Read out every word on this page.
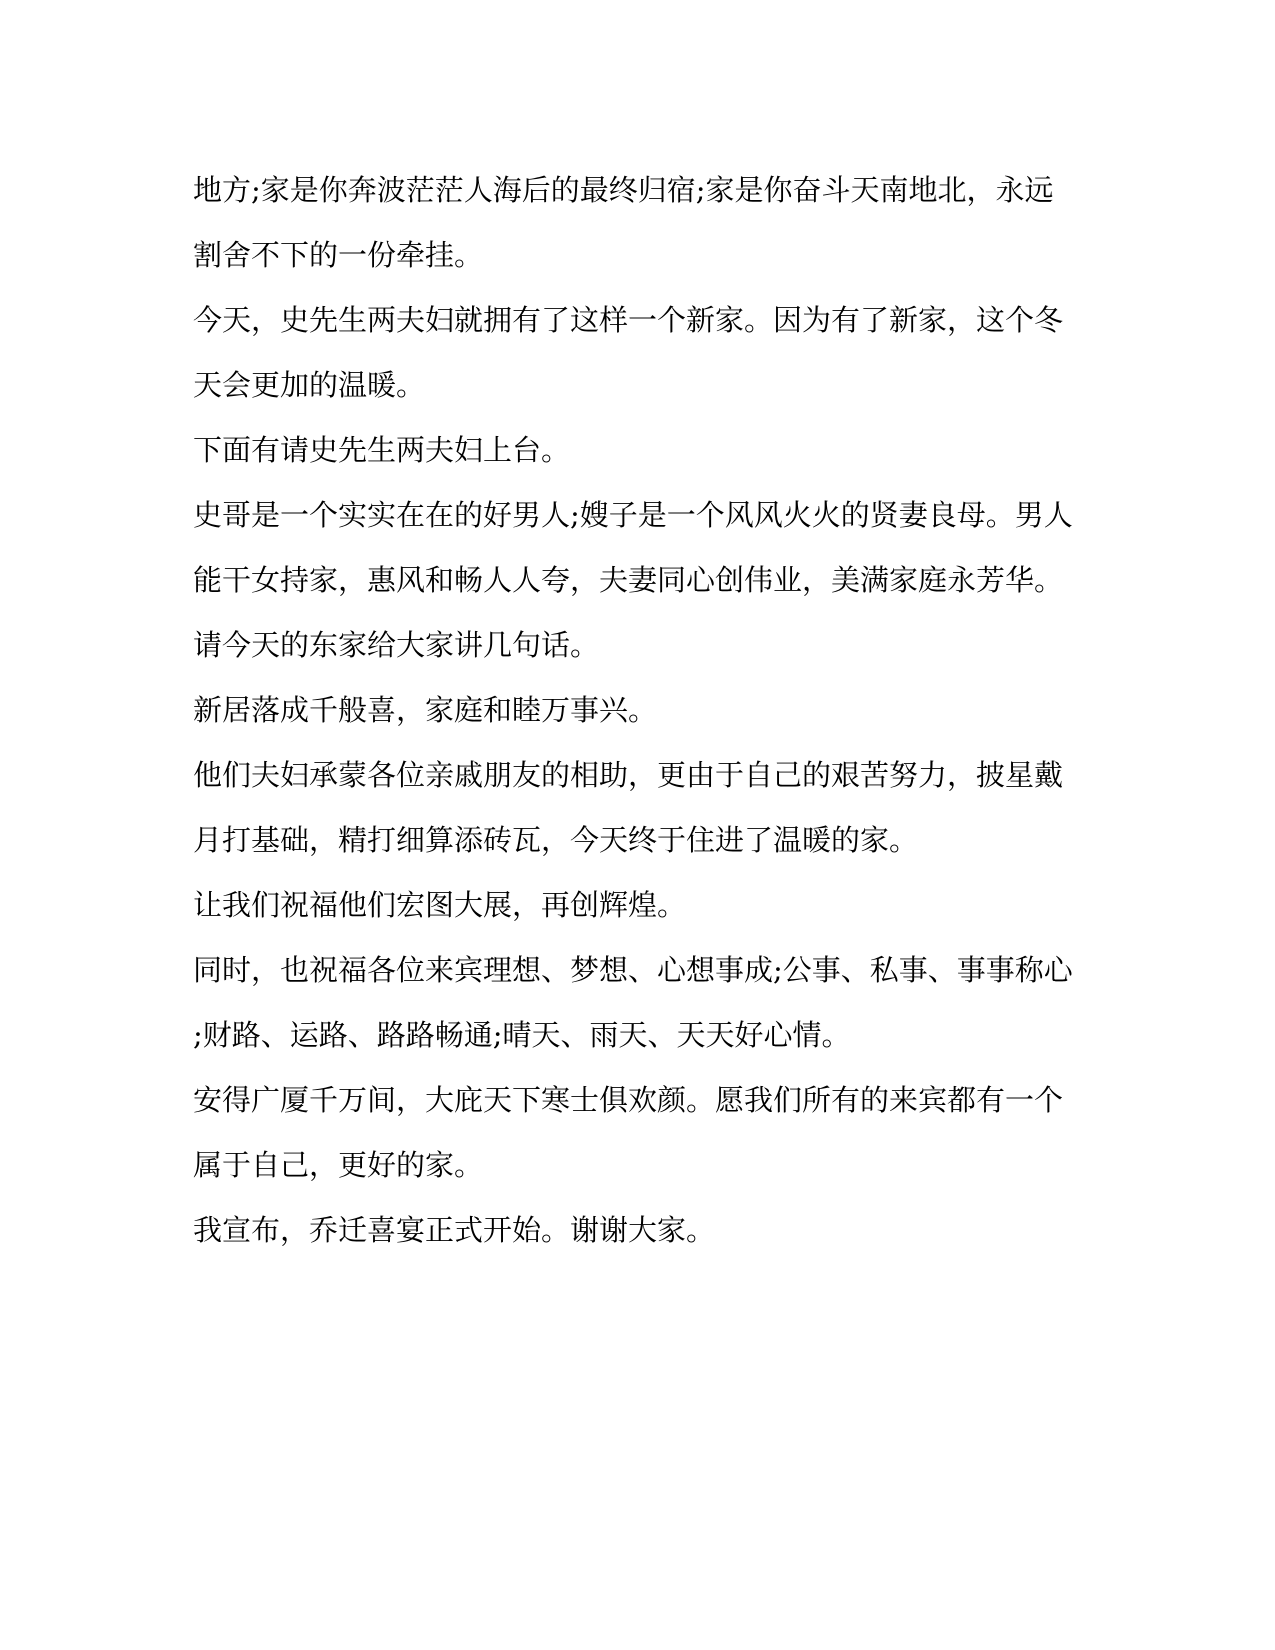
地方;家是你奔波茫茫人海后的最终归宿;家是你奋斗天南地北，永远
割舍不下的一份牵挂。
今天，史先生两夫妇就拥有了这样一个新家。因为有了新家，这个冬
天会更加的温暖。
下面有请史先生两夫妇上台。
史哥是一个实实在在的好男人;嫂子是一个风风火火的贤妻良母。男人
能干女持家，惠风和畅人人夸，夫妻同心创伟业，美满家庭永芳华。
请今天的东家给大家讲几句话。
新居落成千般喜，家庭和睦万事兴。
他们夫妇承蒙各位亲戚朋友的相助，更由于自己的艰苦努力，披星戴
月打基础，精打细算添砖瓦，今天终于住进了温暖的家。
让我们祝福他们宏图大展，再创辉煌。
同时，也祝福各位来宾理想、梦想、心想事成;公事、私事、事事称心
;财路、运路、路路畅通;晴天、雨天、天天好心情。
安得广厦千万间，大庇天下寒士俱欢颜。愿我们所有的来宾都有一个
属于自己，更好的家。
我宣布，乔迁喜宴正式开始。谢谢大家。
